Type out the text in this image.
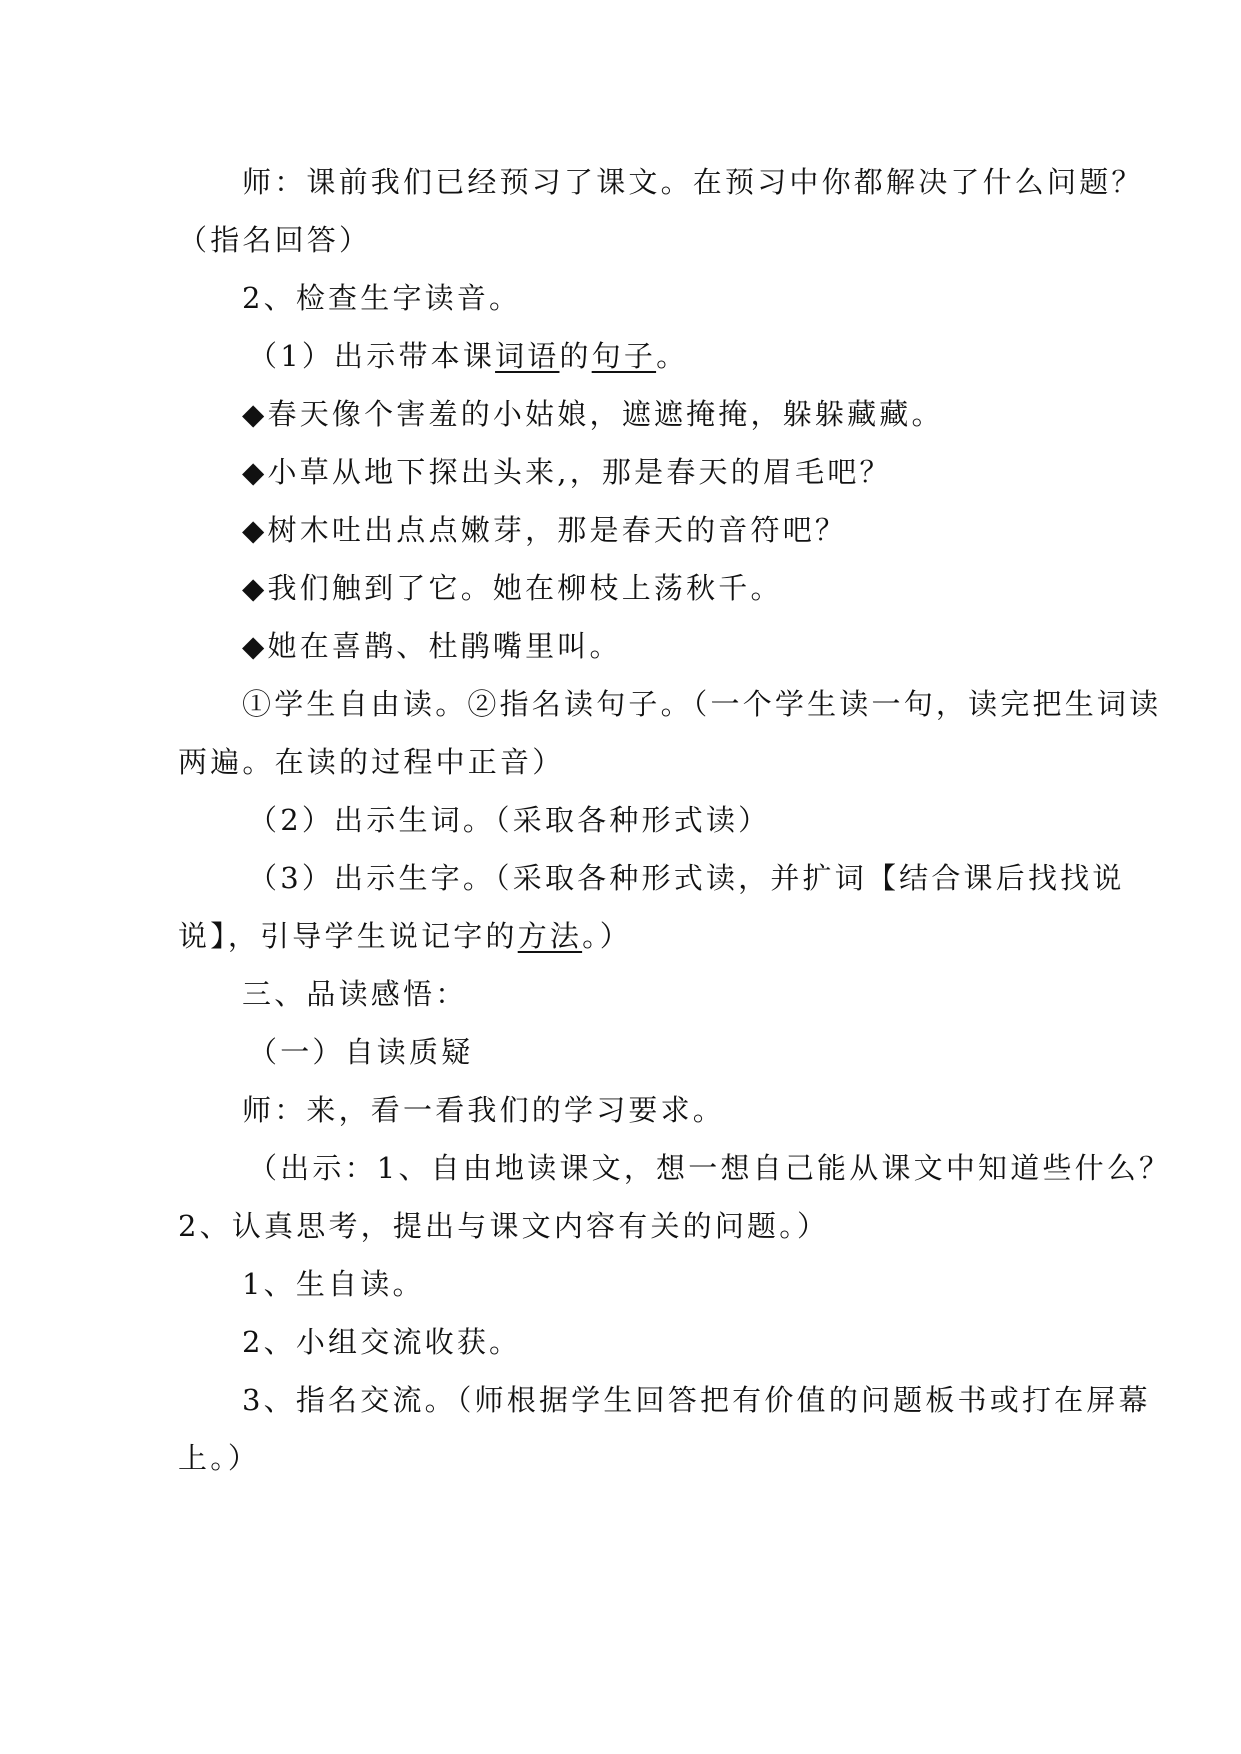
师：课前我们已经预习了课文。在预习中你都解决了什么问题？
（指名回答）
2、检查生字读音。
（1）出示带本课词语的句子。
◆春天像个害羞的小姑娘，遮遮掩掩，躲躲藏藏。
◆小草从地下探出头来,，那是春天的眉毛吧？
◆树木吐出点点嫩芽，那是春天的音符吧？
◆我们触到了它。她在柳枝上荡秋千。
◆她在喜鹊、杜鹃嘴里叫。
①学生自由读。②指名读句子。（一个学生读一句，读完把生词读
两遍。在读的过程中正音）
（2）出示生词。（采取各种形式读）
（3）出示生字。（采取各种形式读，并扩词【结合课后找找说
说】，引导学生说记字的方法。）
三、品读感悟：
（一）自读质疑
师：来，看一看我们的学习要求。
（出示：1、自由地读课文，想一想自己能从课文中知道些什么？
2、认真思考，提出与课文内容有关的问题。）
1、生自读。
2、小组交流收获。
3、指名交流。（师根据学生回答把有价值的问题板书或打在屏幕
上。）
